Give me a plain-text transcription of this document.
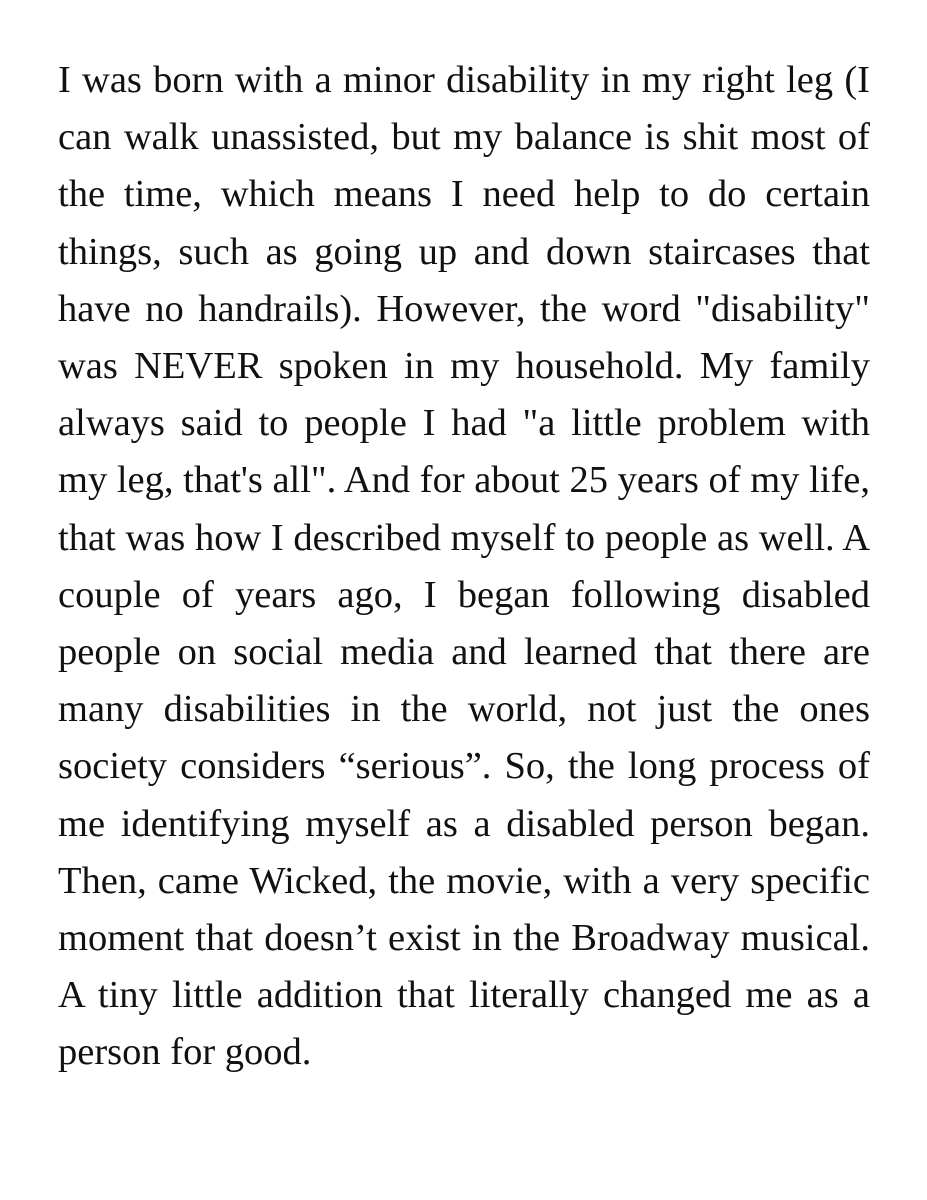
I was born with a minor disability in my right leg (I can walk unassisted, but my balance is shit most of the time, which means I need help to do certain things, such as going up and down staircases that have no handrails). However, the word "disability" was NEVER spoken in my household. My family always said to people I had "a little problem with my leg, that's all". And for about 25 years of my life, that was how I described myself to people as well. A couple of years ago, I began following disabled people on social media and learned that there are many disabilities in the world, not just the ones society considers “serious”. So, the long process of me identifying myself as a disabled person began. Then, came Wicked, the movie, with a very specific moment that doesn’t exist in the Broadway musical. A tiny little addition that literally changed me as a person for good.
